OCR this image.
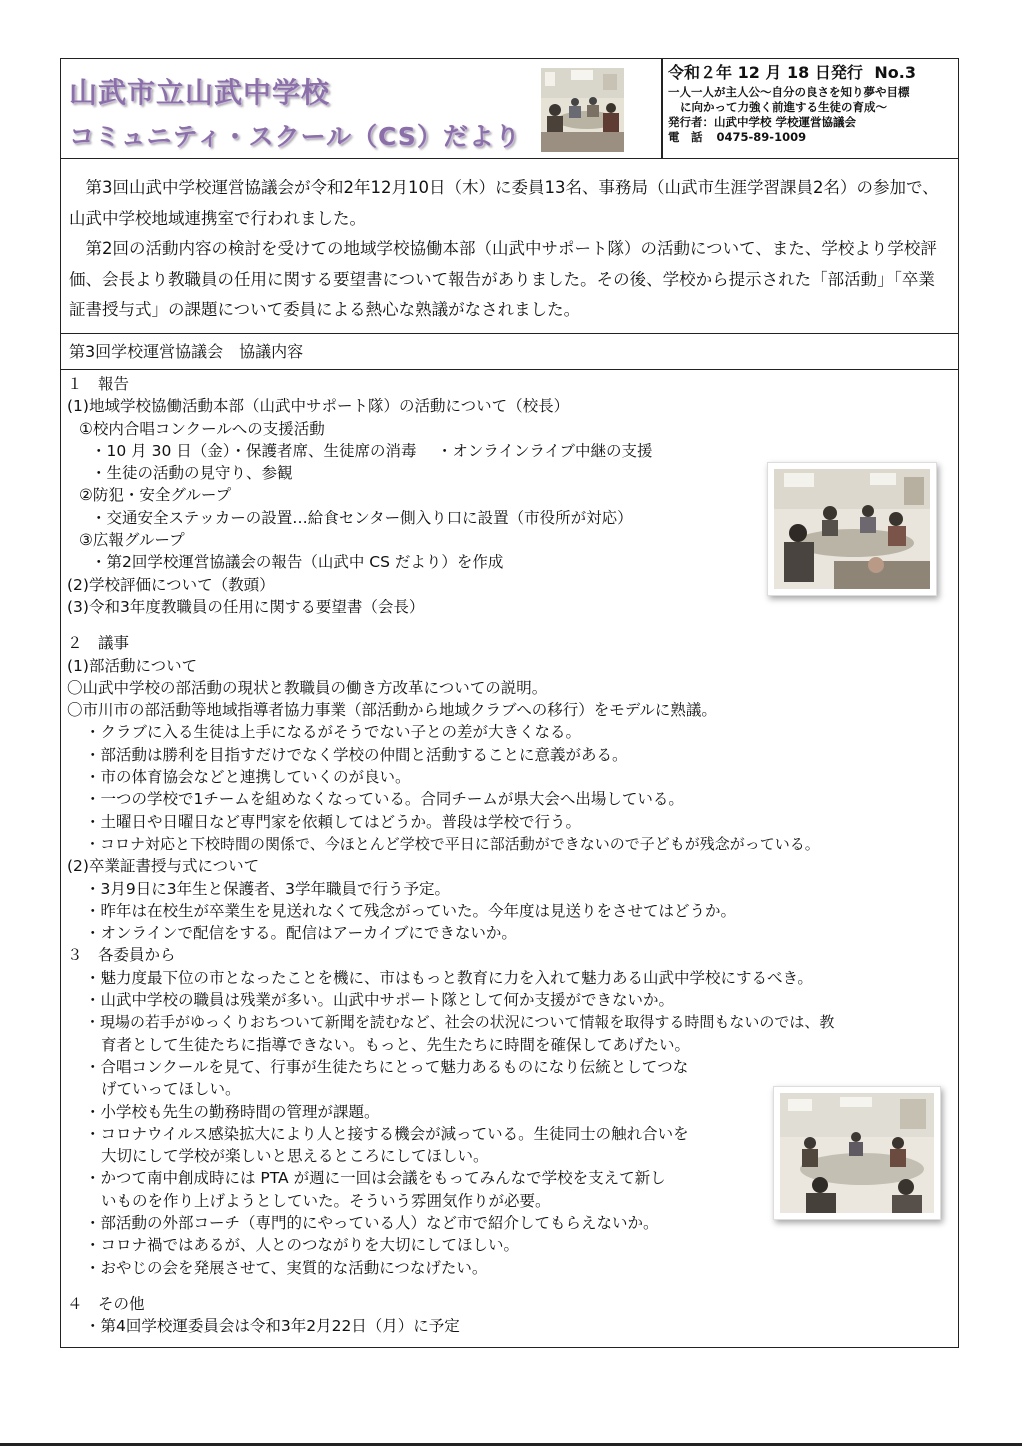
山武市立山武中学校
コミュニティ・スクール（CS）だより
令和２年 12 月 18 日発行 No.3
一人一人が主人公～自分の良さを知り夢や目標
に向かって力強く前進する生徒の育成～
発行者：山武中学校 学校運営協議会
電　話 0475-89-1009

第3回山武中学校運営協議会が令和2年12月10日（木）に委員13名、事務局（山武市生涯学習課員2名）の参加で、山武中学校地域連携室で行われました。

第2回の活動内容の検討を受けての地域学校協働本部（山武中サポート隊）の活動について、また、学校より学校評価、会長より教職員の任用に関する要望書について報告がありました。その後、学校から提示された「部活動」「卒業証書授与式」の課題について委員による熱心な熟議がなされました。

第3回学校運営協議会　協議内容
１　報告
(1)地域学校協働活動本部（山武中サポート隊）の活動について（校長）
①校内合唱コンクールへの支援活動
・10 月 30 日（金）・保護者席、生徒席の消毒　 ・オンラインライブ中継の支援
・生徒の活動の見守り、参観
②防犯・安全グループ
・交通安全ステッカーの設置…給食センター側入り口に設置（市役所が対応）
③広報グループ
・第2回学校運営協議会の報告（山武中 CS だより）を作成
(2)学校評価について（教頭）
(3)令和3年度教職員の任用に関する要望書（会長）
２　議事
(1)部活動について
〇山武中学校の部活動の現状と教職員の働き方改革についての説明。
〇市川市の部活動等地域指導者協力事業（部活動から地域クラブへの移行）をモデルに熟議。
・クラブに入る生徒は上手になるがそうでない子との差が大きくなる。
・部活動は勝利を目指すだけでなく学校の仲間と活動することに意義がある。
・市の体育協会などと連携していくのが良い。
・一つの学校で1チームを組めなくなっている。合同チームが県大会へ出場している。
・土曜日や日曜日など専門家を依頼してはどうか。普段は学校で行う。
・コロナ対応と下校時間の関係で、今ほとんど学校で平日に部活動ができないので子どもが残念がっている。
(2)卒業証書授与式について
・3月9日に3年生と保護者、3学年職員で行う予定。
・昨年は在校生が卒業生を見送れなくて残念がっていた。今年度は見送りをさせてはどうか。
・オンラインで配信をする。配信はアーカイブにできないか。
３　各委員から
・魅力度最下位の市となったことを機に、市はもっと教育に力を入れて魅力ある山武中学校にするべき。
・山武中学校の職員は残業が多い。山武中サポート隊として何か支援ができないか。
・現場の若手がゆっくりおちついて新聞を読むなど、社会の状況について情報を取得する時間もないのでは、教
育者として生徒たちに指導できない。もっと、先生たちに時間を確保してあげたい。
・合唱コンクールを見て、行事が生徒たちにとって魅力あるものになり伝統としてつな
げていってほしい。
・小学校も先生の勤務時間の管理が課題。
・コロナウイルス感染拡大により人と接する機会が減っている。生徒同士の触れ合いを
大切にして学校が楽しいと思えるところにしてほしい。
・かつて南中創成時には PTA が週に一回は会議をもってみんなで学校を支えて新し
いものを作り上げようとしていた。そういう雰囲気作りが必要。
・部活動の外部コーチ（専門的にやっている人）など市で紹介してもらえないか。
・コロナ禍ではあるが、人とのつながりを大切にしてほしい。
・おやじの会を発展させて、実質的な活動につなげたい。
４　その他
・第4回学校運委員会は令和3年2月22日（月）に予定
